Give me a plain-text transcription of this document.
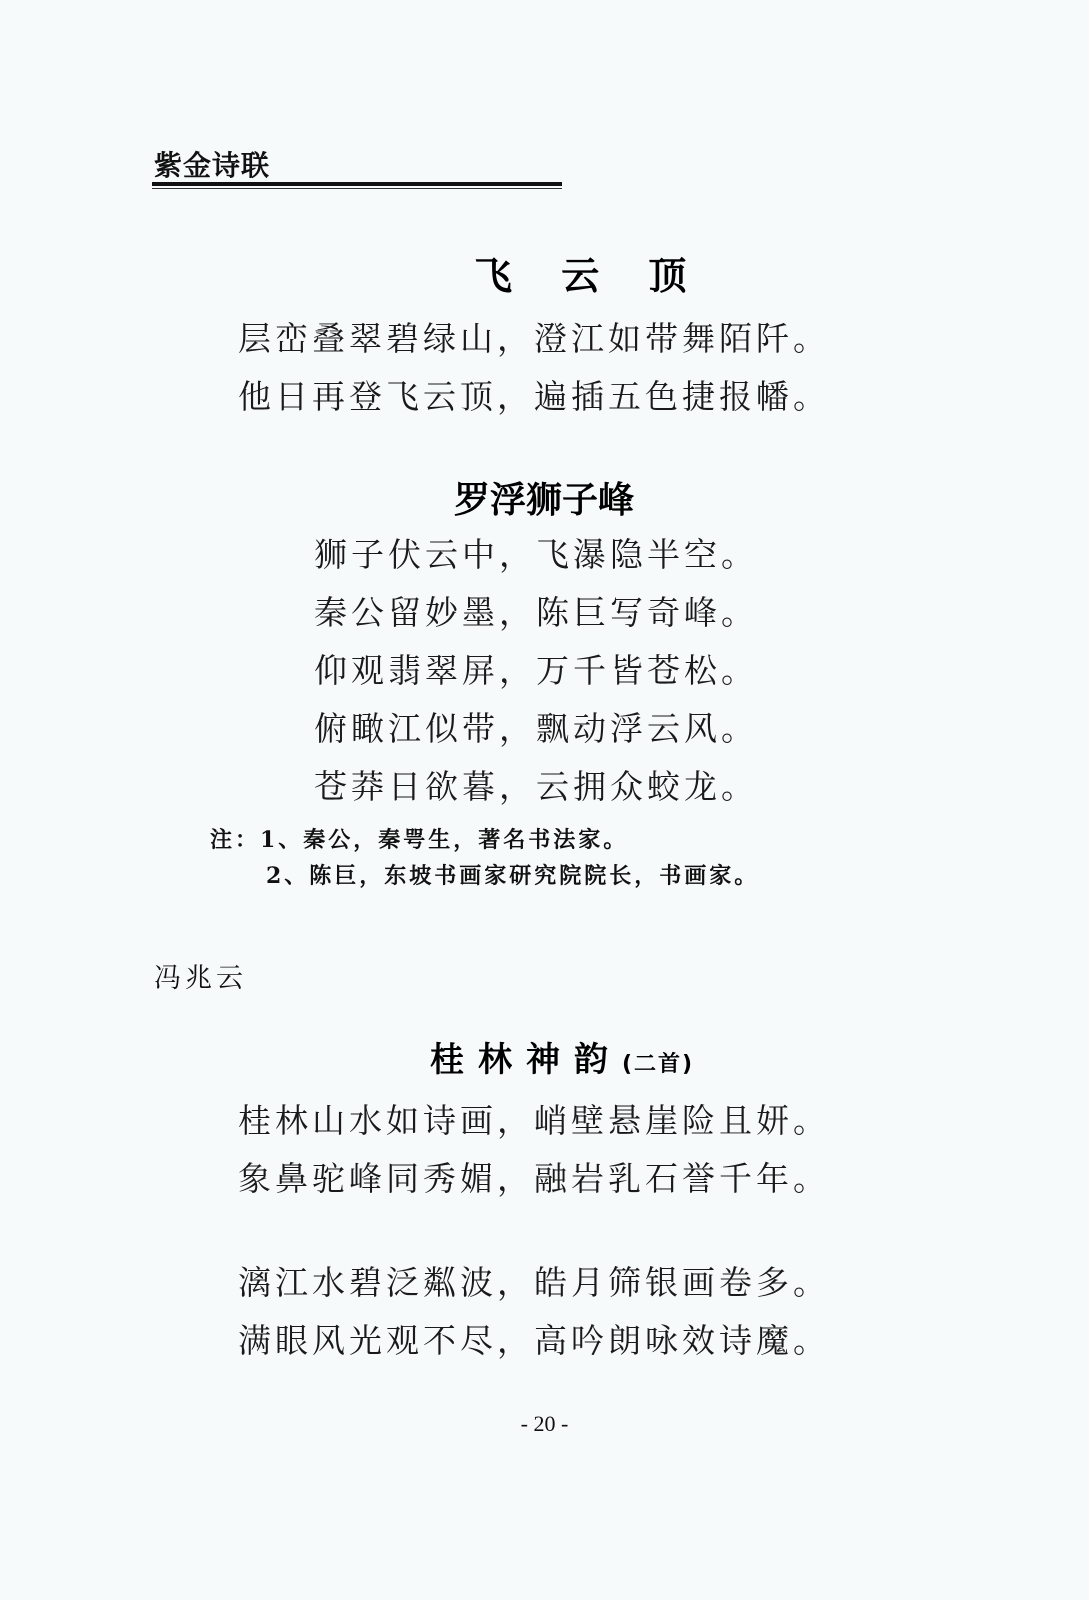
紫金诗联
飞 云 顶
层峦叠翠碧绿山，澄江如带舞陌阡。
他日再登飞云顶，遍插五色捷报幡。
罗浮狮子峰
狮子伏云中，飞瀑隐半空。
秦公留妙墨，陈巨写奇峰。
仰观翡翠屏，万千皆苍松。
俯瞰江似带，飘动浮云风。
苍莽日欲暮，云拥众蛟龙。
注：1、秦公，秦咢生，著名书法家。
2、陈巨，东坡书画家研究院院长，书画家。
冯兆云
桂林神韵(二首)
桂林山水如诗画，峭壁悬崖险且妍。
象鼻驼峰同秀媚，融岩乳石誉千年。
漓江水碧泛粼波，皓月筛银画卷多。
满眼风光观不尽，高吟朗咏效诗魔。
- 20 -
